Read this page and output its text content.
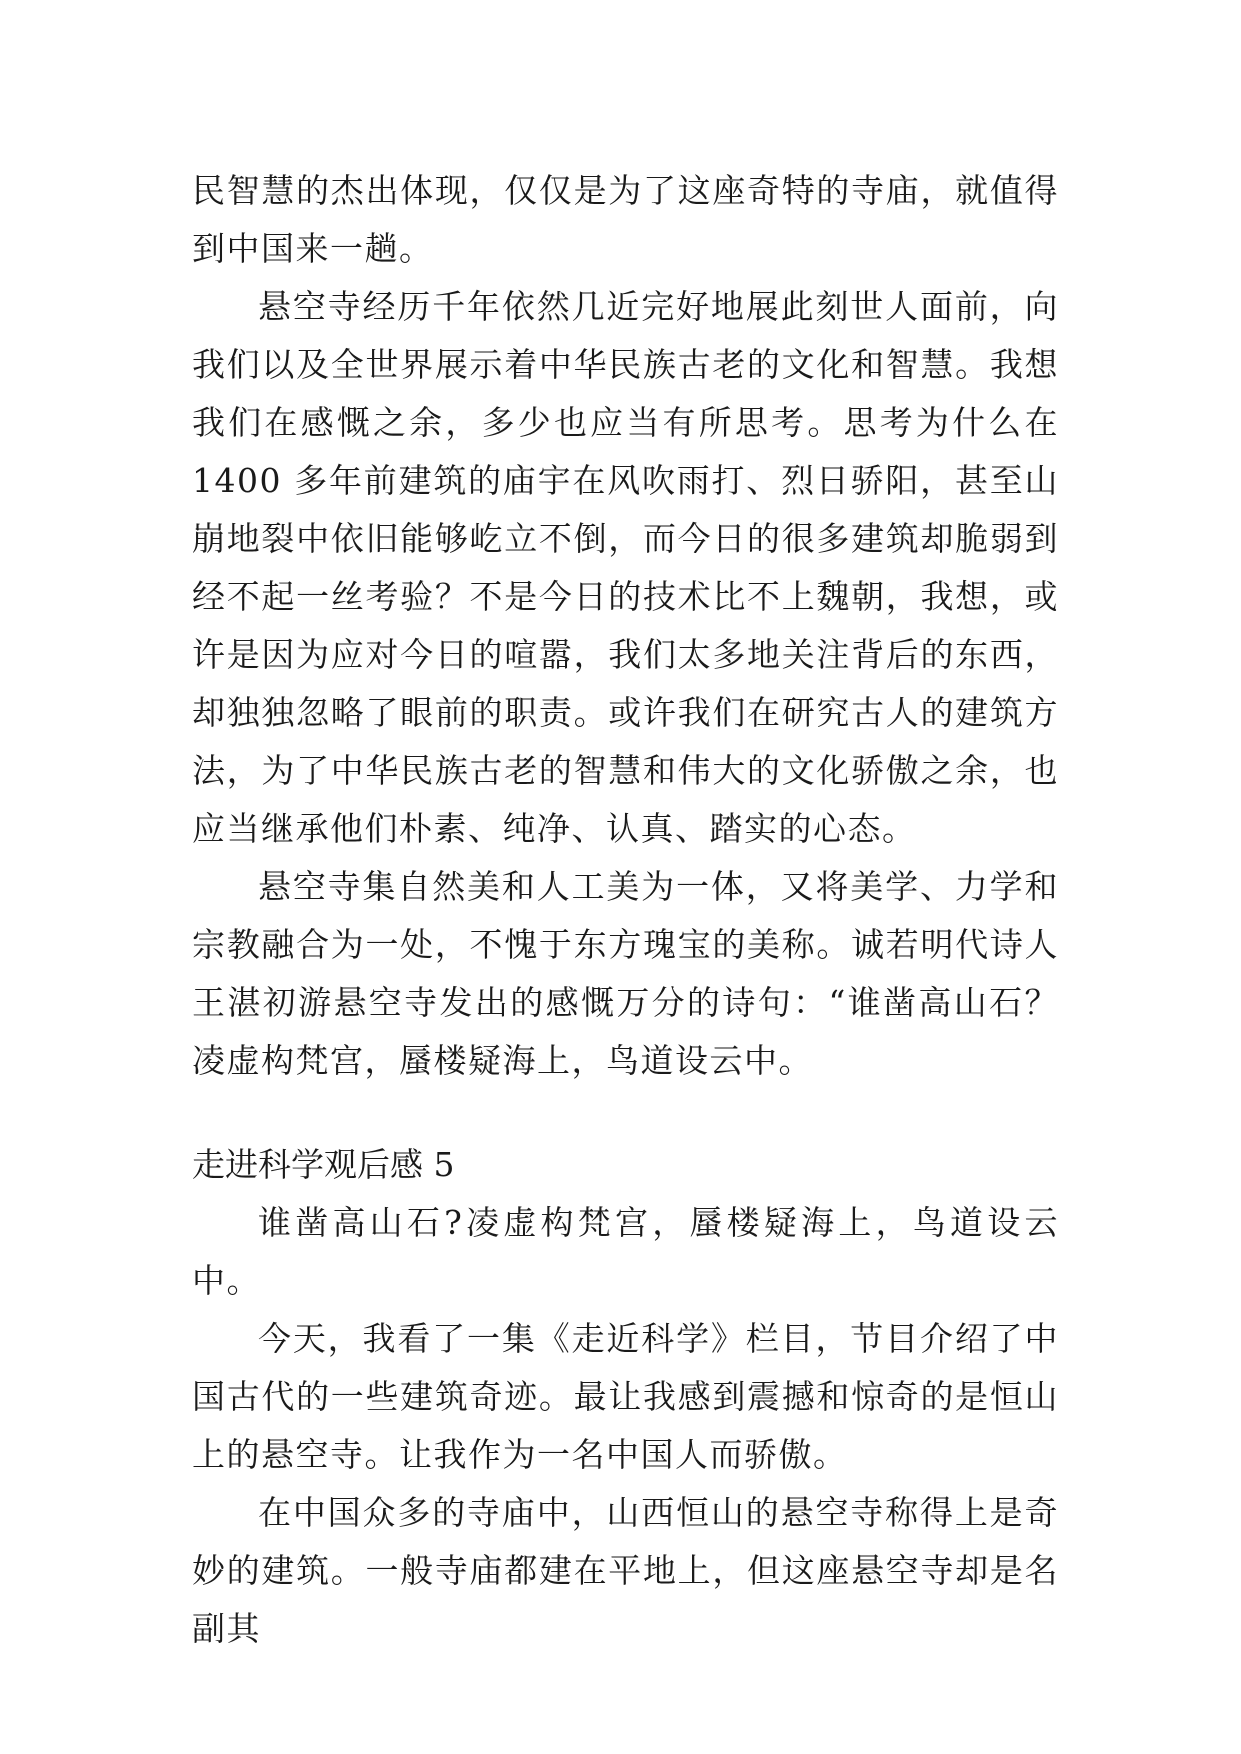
民智慧的杰出体现，仅仅是为了这座奇特的寺庙，就值得到中国来一趟。

悬空寺经历千年依然几近完好地展此刻世人面前，向我们以及全世界展示着中华民族古老的文化和智慧。我想我们在感慨之余，多少也应当有所思考。思考为什么在 1400 多年前建筑的庙宇在风吹雨打、烈日骄阳，甚至山崩地裂中依旧能够屹立不倒，而今日的很多建筑却脆弱到经不起一丝考验？不是今日的技术比不上魏朝，我想，或许是因为应对今日的喧嚣，我们太多地关注背后的东西，却独独忽略了眼前的职责。或许我们在研究古人的建筑方法，为了中华民族古老的智慧和伟大的文化骄傲之余，也应当继承他们朴素、纯净、认真、踏实的心态。

悬空寺集自然美和人工美为一体，又将美学、力学和宗教融合为一处，不愧于东方瑰宝的美称。诚若明代诗人王湛初游悬空寺发出的感慨万分的诗句：“谁凿高山石？凌虚构梵宫，蜃楼疑海上，鸟道设云中。

走进科学观后感 5

谁凿高山石?凌虚构梵宫，蜃楼疑海上，鸟道设云中。

今天，我看了一集《走近科学》栏目，节目介绍了中国古代的一些建筑奇迹。最让我感到震撼和惊奇的是恒山上的悬空寺。让我作为一名中国人而骄傲。

在中国众多的寺庙中，山西恒山的悬空寺称得上是奇妙的建筑。一般寺庙都建在平地上，但这座悬空寺却是名副其
